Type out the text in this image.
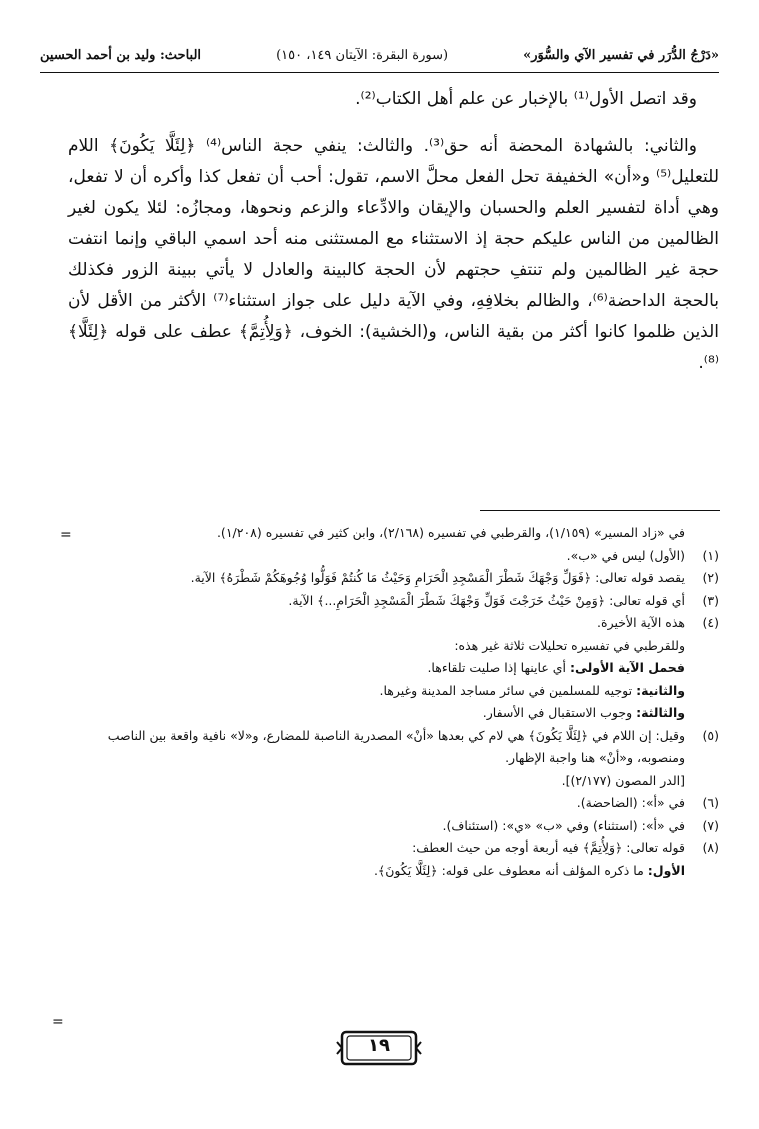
«دَرْجُ الدُّرَر في تفسير الآي والسُّوَر»
(سورة البقرة: الآيتان ١٤٩، ١٥٠)
الباحث: وليد بن أحمد الحسين

وقد اتصل الأول⁽¹⁾ بالإخبار عن علم أهل الكتاب⁽²⁾.

والثاني: بالشهادة المحضة أنه حق⁽³⁾. والثالث: ينفي حجة الناس⁽⁴⁾ ﴿لِئَلَّا يَكُونَ﴾ اللام للتعليل⁽⁵⁾ و«أن» الخفيفة تحل الفعل محلَّ الاسم، تقول: أحب أن تفعل كذا وأكره أن لا تفعل، وهي أداة لتفسير العلم والحسبان والإيقان والادِّعاء والزعم ونحوها، ومجازُه: لئلا يكون لغير الظالمين من الناس عليكم حجة إذ الاستثناء مع المستثنى منه أحد اسمي الباقي وإنما انتفت حجة غير الظالمين ولم تنتفِ حجتهم لأن الحجة كالبينة والعادل لا يأتي ببينة الزور فكذلك بالحجة الداحضة⁽⁶⁾، والظالم بخلافِهِ، وفي الآية دليل على جواز استثناء⁽⁷⁾ الأكثر من الأقل لأن الذين ظلموا كانوا أكثر من بقية الناس، و(الخشية): الخوف، ﴿وَلِأُتِمَّ﴾ عطف على قوله ﴿لِئَلَّا﴾⁽⁸⁾.

=	في «زاد المسير» (١/١٥٩)، والقرطبي في تفسيره (٢/١٦٨)، وابن كثير في تفسيره (١/٢٠٨).
(١)
(الأول) ليس في «ب».
(٢)
يقصد قوله تعالى: ﴿فَوَلِّ وَجْهَكَ شَطْرَ الْمَسْجِدِ الْحَرَامِ وَحَيْثُ مَا كُنتُمْ فَوَلُّوا وُجُوهَكُمْ شَطْرَهُ﴾ الآية.
(٣)
أي قوله تعالى: ﴿وَمِنْ حَيْثُ خَرَجْتَ فَوَلِّ وَجْهَكَ شَطْرَ الْمَسْجِدِ الْحَرَامِ...﴾ الآية.
(٤)
هذه الآية الأخيرة.
وللقرطبي في تفسيره تحليلات ثلاثة غير هذه:
فحمل الآية الأولى: أي عاينها إذا صليت تلقاءها.
والثانية: توجيه للمسلمين في سائر مساجد المدينة وغيرها.
والثالثة: وجوب الاستقبال في الأسفار.
(٥)
وقيل: إن اللام في ﴿لِئَلَّا يَكُونَ﴾ هي لام كي بعدها «أنْ» المصدرية الناصبة للمضارع، و«لا» نافية واقعة بين الناصب ومنصوبه، و«أنْ» هنا واجبة الإظهار.
[الدر المصون (٢/١٧٧)].
(٦)
في «أ»: (الضاحضة).
(٧)
في «أ»: (استثناء) وفي «ب» «ي»: (استئناف).
(٨)
قوله تعالى: ﴿وَلِأُتِمَّ﴾ فيه أربعة أوجه من حيث العطف:
الأول: ما ذكره المؤلف أنه معطوف على قوله: ﴿لِئَلَّا يَكُونَ﴾.
=
١٩
